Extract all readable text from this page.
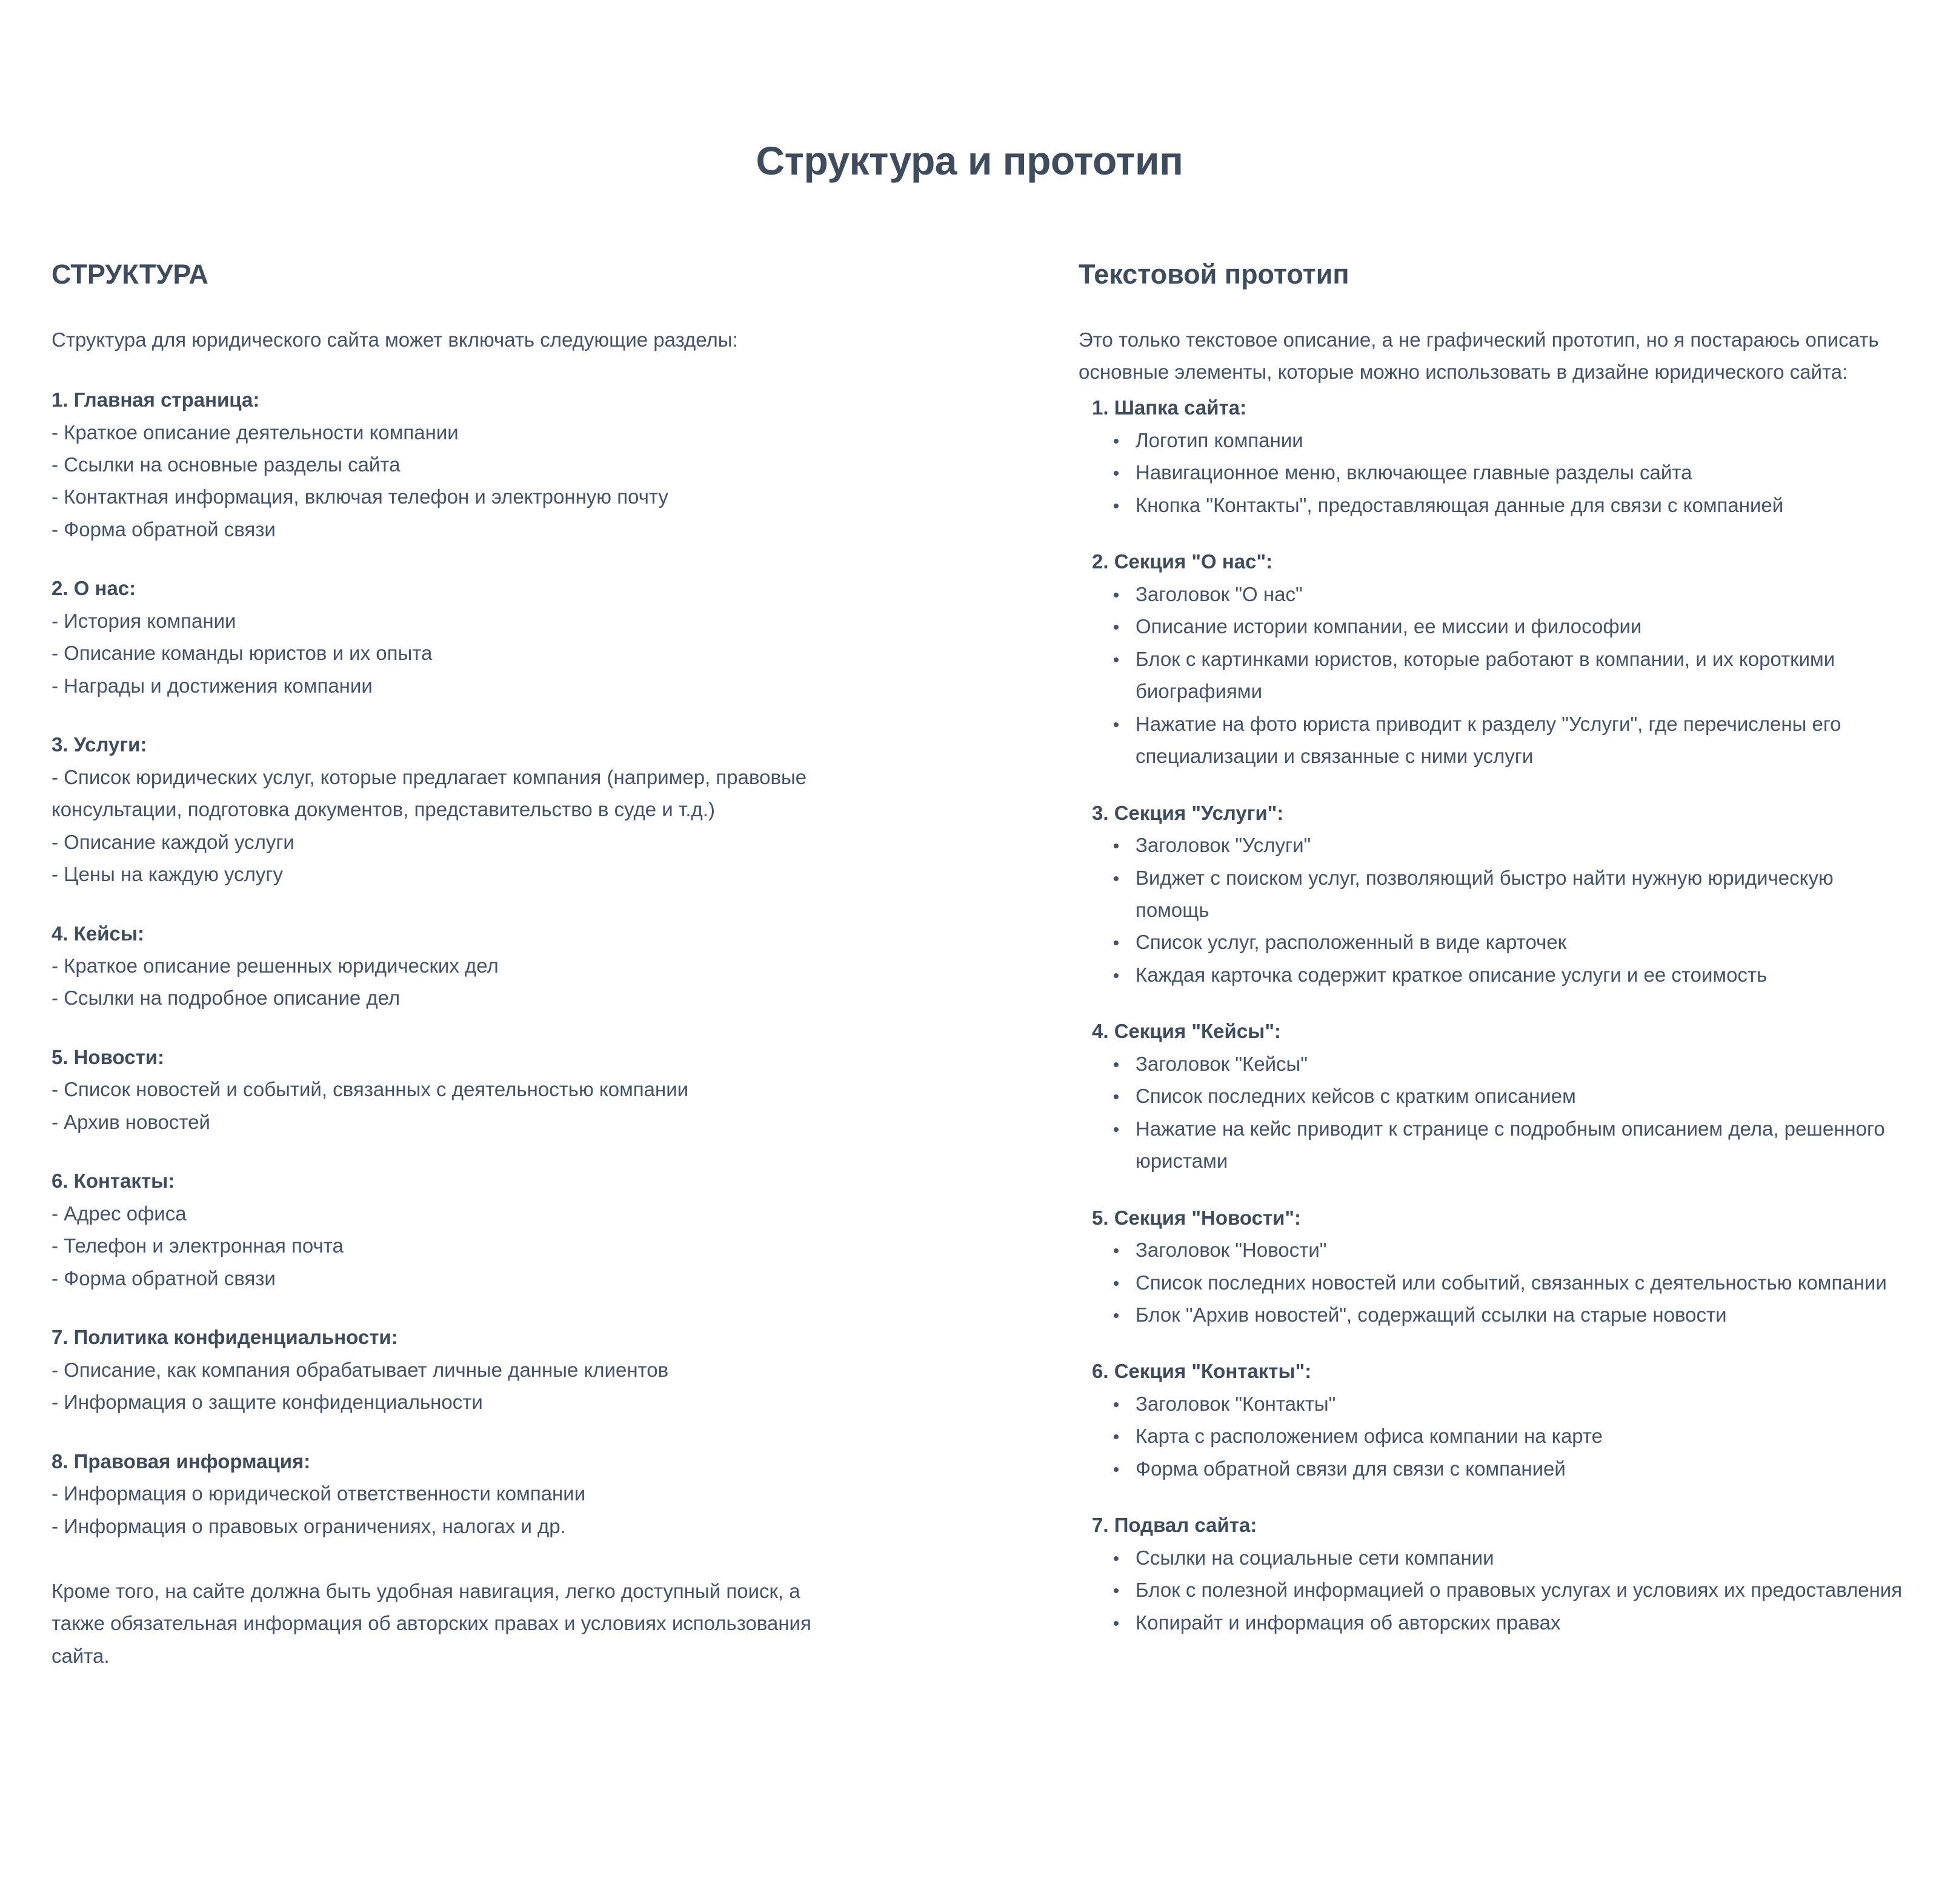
Структура и прототип
СТРУКТУРА

Структура для юридического сайта может включать следующие разделы:

1. Главная страница:

- Краткое описание деятельности компании

- Ссылки на основные разделы сайта

- Контактная информация, включая телефон и электронную почту

- Форма обратной связи

2. О нас:

- История компании

- Описание команды юристов и их опыта

- Награды и достижения компании

3. Услуги:

- Список юридических услуг, которые предлагает компания (например, правовые консультации, подготовка документов, представительство в суде и т.д.)

- Описание каждой услуги

- Цены на каждую услугу

4. Кейсы:

- Краткое описание решенных юридических дел

- Ссылки на подробное описание дел

5. Новости:

- Список новостей и событий, связанных с деятельностью компании

- Архив новостей

6. Контакты:

- Адрес офиса

- Телефон и электронная почта

- Форма обратной связи

7. Политика конфиденциальности:

- Описание, как компания обрабатывает личные данные клиентов

- Информация о защите конфиденциальности

8. Правовая информация:

- Информация о юридической ответственности компании

- Информация о правовых ограничениях, налогах и др.

Кроме того, на сайте должна быть удобная навигация, легко доступный поиск, а также обязательная информация об авторских правах и условиях использования сайта.

Текстовой прототип

Это только текстовое описание, а не графический прототип, но я постараюсь описать основные элементы, которые можно использовать в дизайне юридического сайта:

1. Шапка сайта:
Логотип компании
Навигационное меню, включающее главные разделы сайта
Кнопка "Контакты", предоставляющая данные для связи с компанией
2. Секция "О нас":
Заголовок "О нас"
Описание истории компании, ее миссии и философии
Блок с картинками юристов, которые работают в компании, и их короткими биографиями
Нажатие на фото юриста приводит к разделу "Услуги", где перечислены его специализации и связанные с ними услуги
3. Секция "Услуги":
Заголовок "Услуги"
Виджет с поиском услуг, позволяющий быстро найти нужную юридическую помощь
Список услуг, расположенный в виде карточек
Каждая карточка содержит краткое описание услуги и ее стоимость
4. Секция "Кейсы":
Заголовок "Кейсы"
Список последних кейсов с кратким описанием
Нажатие на кейс приводит к странице с подробным описанием дела, решенного юристами
5. Секция "Новости":
Заголовок "Новости"
Список последних новостей или событий, связанных с деятельностью компании
Блок "Архив новостей", содержащий ссылки на старые новости
6. Секция "Контакты":
Заголовок "Контакты"
Карта с расположением офиса компании на карте
Форма обратной связи для связи с компанией
7. Подвал сайта:
Ссылки на социальные сети компании
Блок с полезной информацией о правовых услугах и условиях их предоставления
Копирайт и информация об авторских правах
